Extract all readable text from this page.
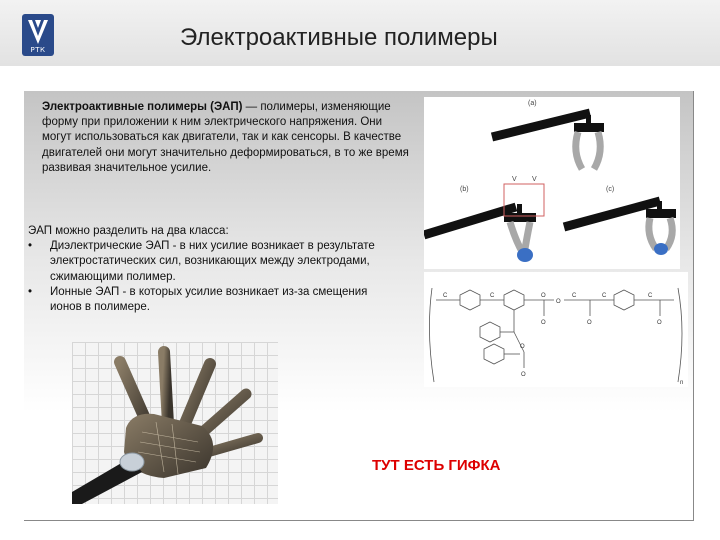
РТК	Электроактивные полимеры
Электроактивные полимеры (ЭАП) — полимеры, изменяющие форму при приложении к ним электрического напряжения. Они могут использоваться как двигатели, так и как сенсоры. В качестве двигателей они могут значительно деформироваться, в то же время развивая значительное усилие.
ЭАП можно разделить на два класса:
•	Диэлектрические ЭАП - в них усилие возникает в результате электростатических сил, возникающих между электродами, сжимающими полимер.
•	Ионные ЭАП - в которых усилие возникает из-за смещения ионов в полимере.
(a)
(b)	(c)
V V
C	C	O
O
C	C
O
C
O
O
O
O
n
ТУТ ЕСТЬ ГИФКА
